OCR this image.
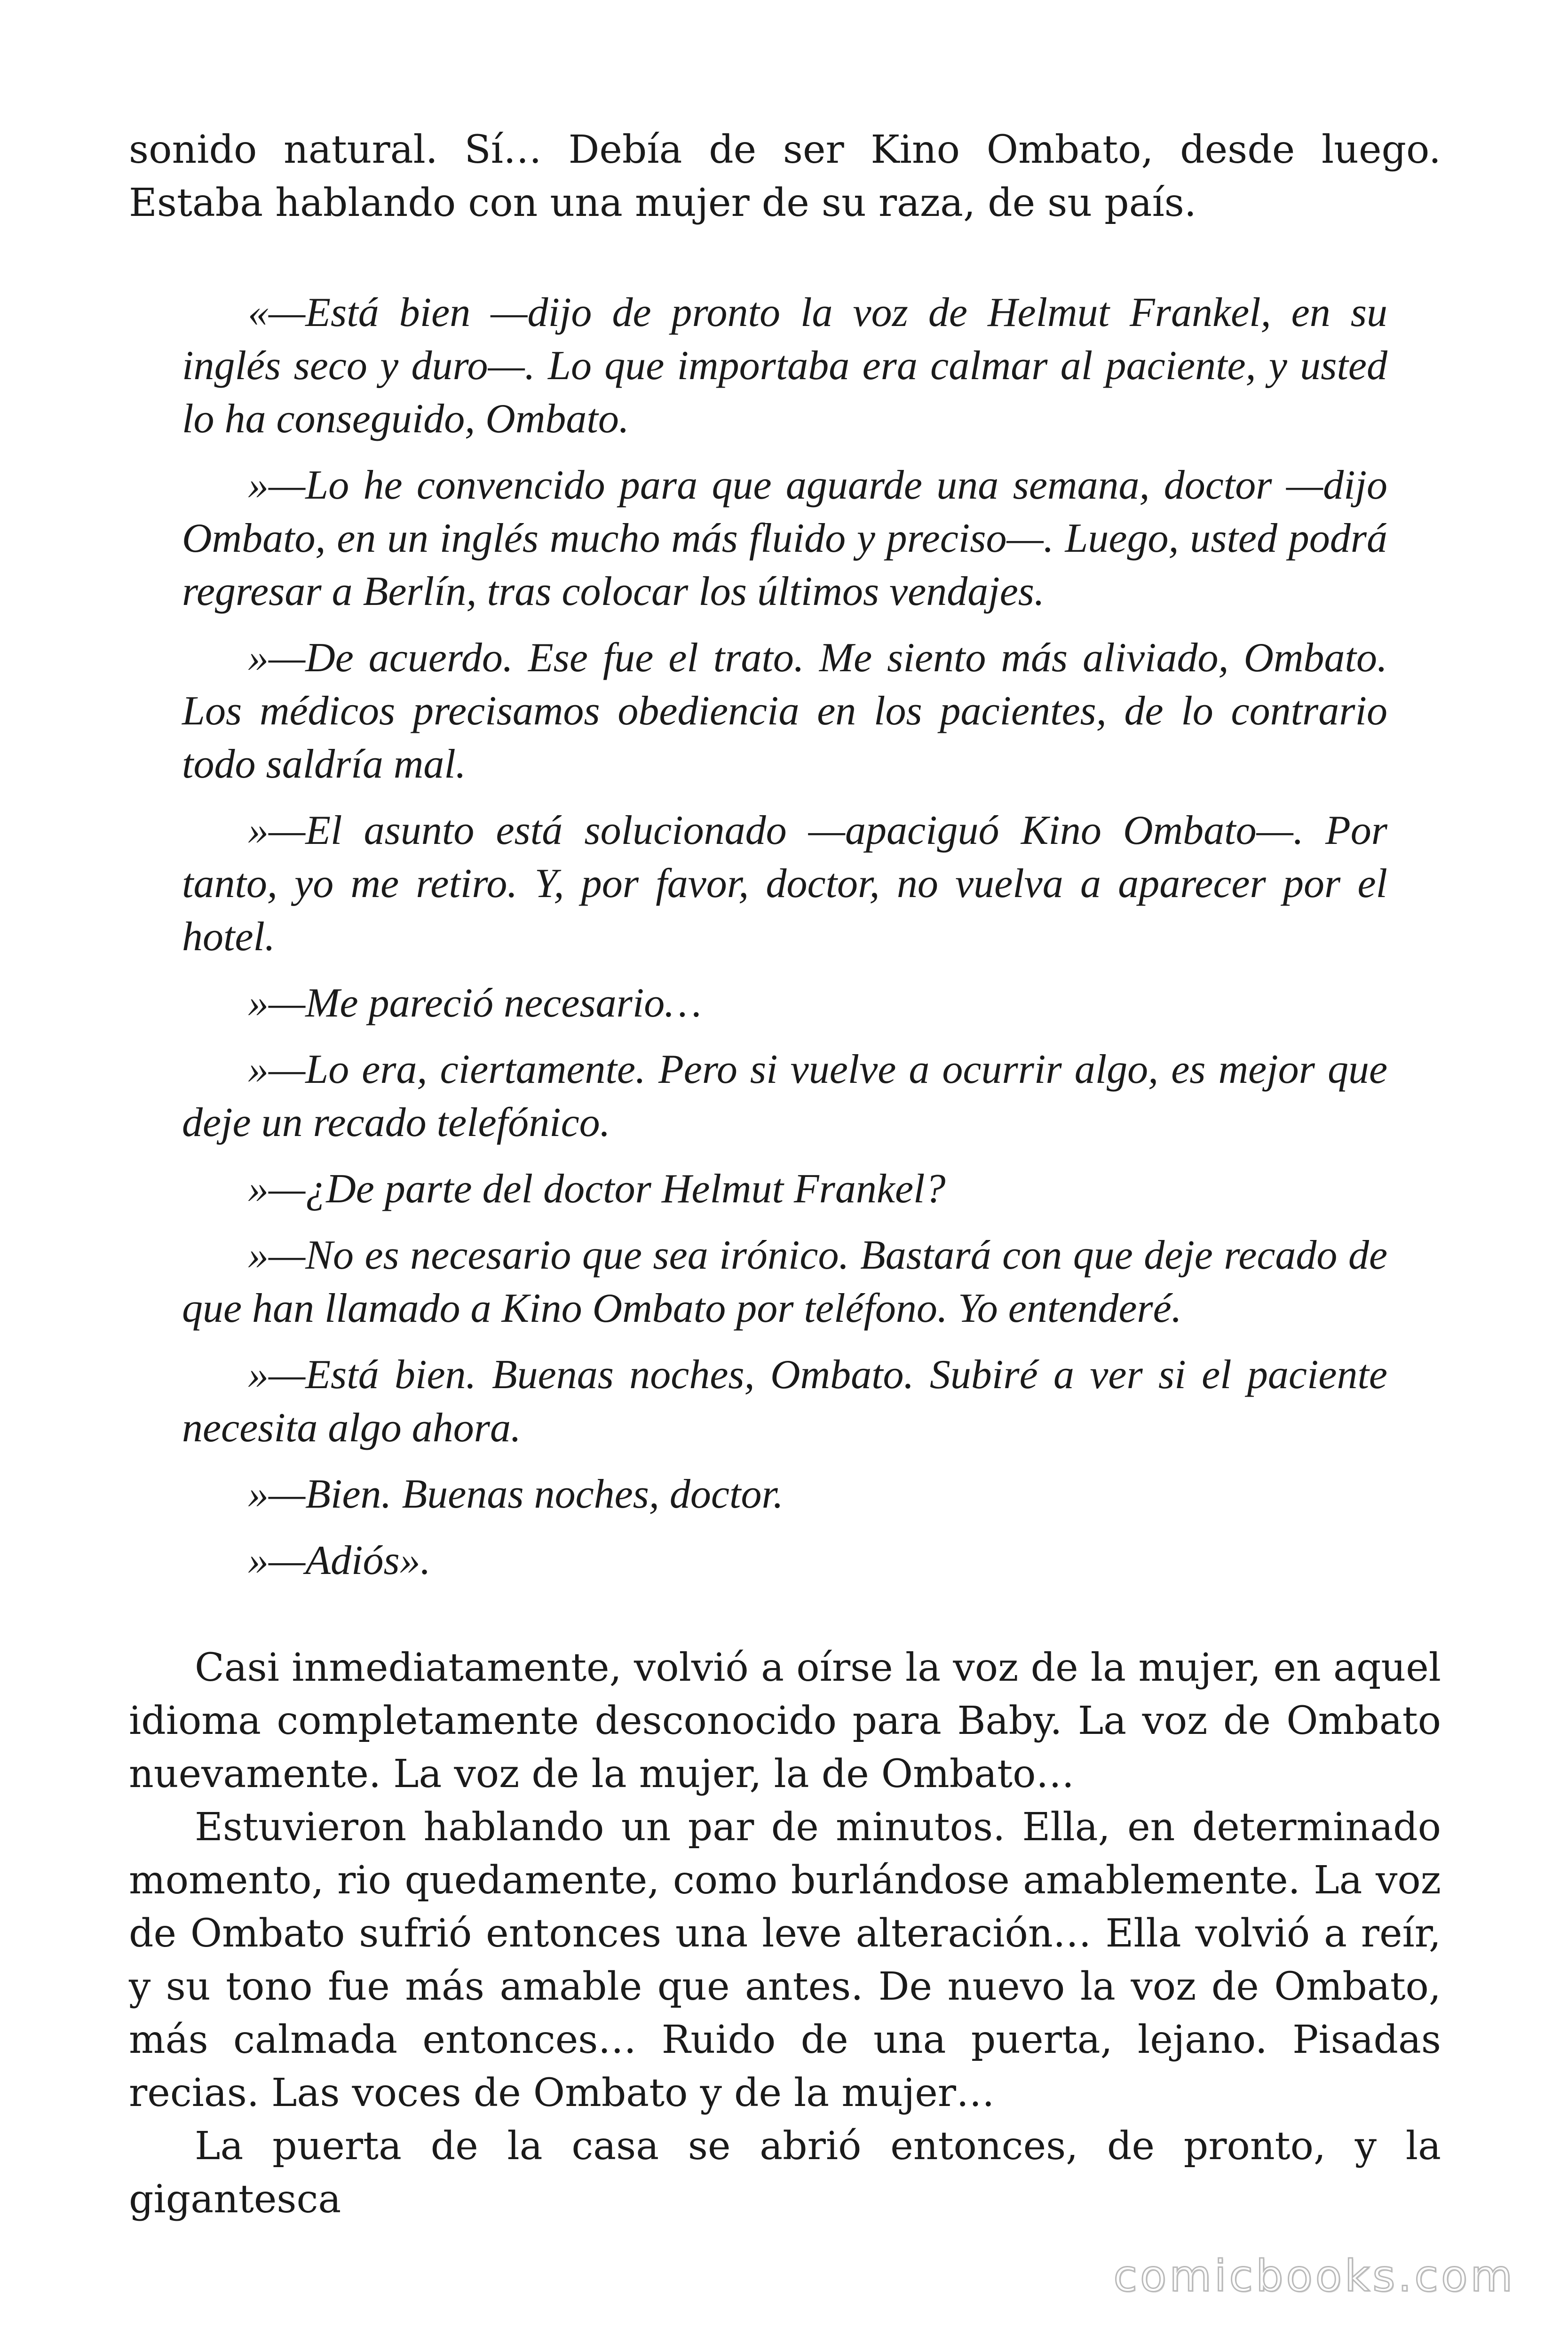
sonido natural. Sí… Debía de ser Kino Ombato, desde luego. Estaba hablando con una mujer de su raza, de su país.

«—Está bien —dijo de pronto la voz de Helmut Frankel, en su inglés seco y duro—. Lo que importaba era calmar al paciente, y usted lo ha conseguido, Ombato.

»—Lo he convencido para que aguarde una semana, doctor —dijo Ombato, en un inglés mucho más fluido y preciso—. Luego, usted podrá regresar a Berlín, tras colocar los últimos vendajes.

»—De acuerdo. Ese fue el trato. Me siento más aliviado, Ombato. Los médicos precisamos obediencia en los pacientes, de lo contrario todo saldría mal.

»—El asunto está solucionado —apaciguó Kino Ombato—. Por tanto, yo me retiro. Y, por favor, doctor, no vuelva a aparecer por el hotel.

»—Me pareció necesario…

»—Lo era, ciertamente. Pero si vuelve a ocurrir algo, es mejor que deje un recado telefónico.

»—¿De parte del doctor Helmut Frankel?

»—No es necesario que sea irónico. Bastará con que deje recado de que han llamado a Kino Ombato por teléfono. Yo entenderé.

»—Está bien. Buenas noches, Ombato. Subiré a ver si el paciente necesita algo ahora.

»—Bien. Buenas noches, doctor.

»—Adiós».

Casi inmediatamente, volvió a oírse la voz de la mujer, en aquel idioma completamente desconocido para Baby. La voz de Ombato nuevamente. La voz de la mujer, la de Ombato…

Estuvieron hablando un par de minutos. Ella, en determinado momento, rio quedamente, como burlándose amablemente. La voz de Ombato sufrió entonces una leve alteración… Ella volvió a reír, y su tono fue más amable que antes. De nuevo la voz de Ombato, más calmada entonces… Ruido de una puerta, lejano. Pisadas recias. Las voces de Ombato y de la mujer…

La puerta de la casa se abrió entonces, de pronto, y la gigantesca

comicbooks.com
